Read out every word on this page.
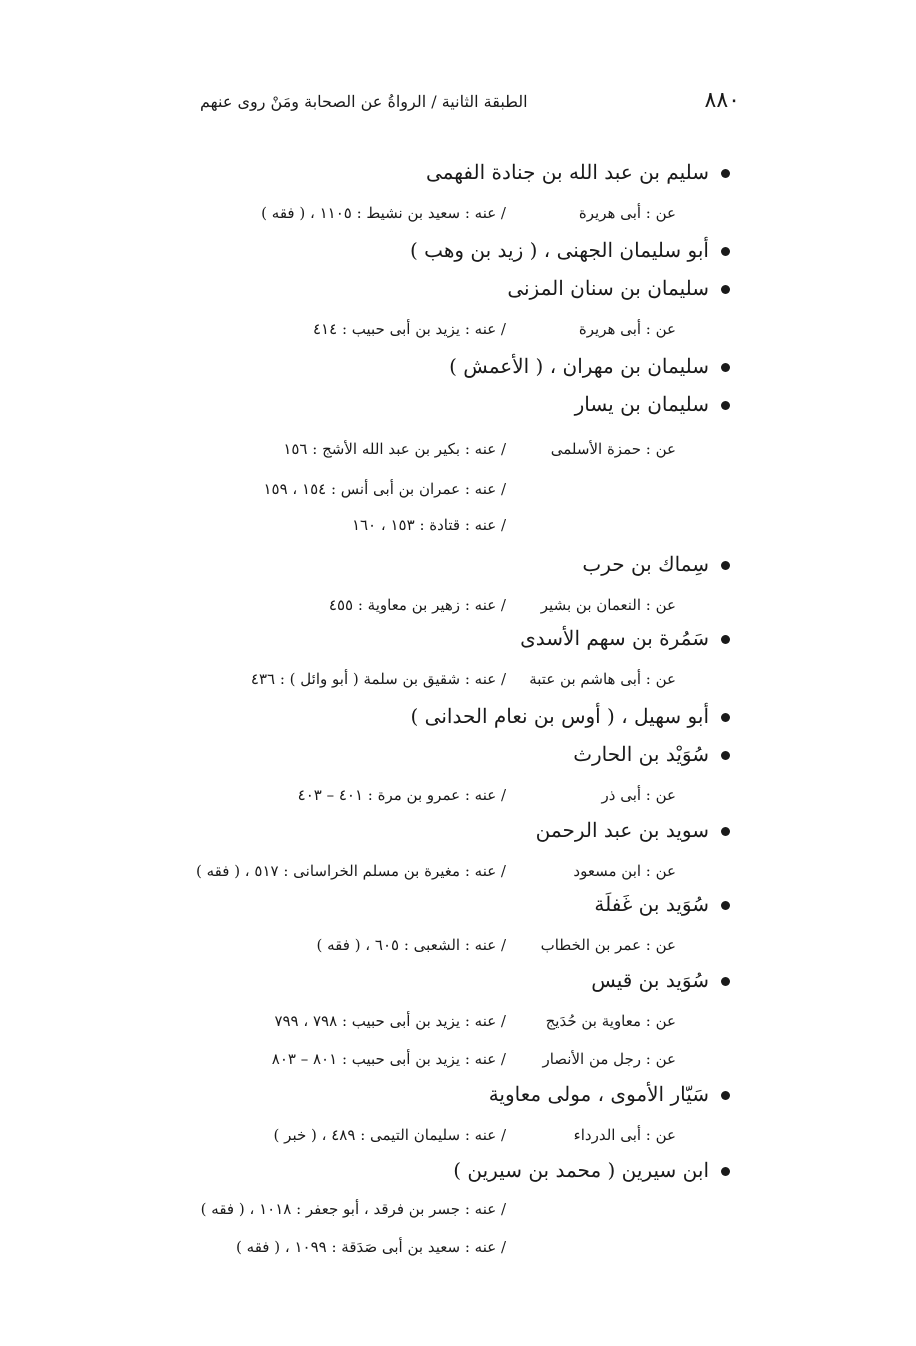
٨٨٠
الطبقة الثانية / الرواةُ عن الصحابة ومَنْ روى عنهم
سليم بن عبد الله بن جنادة الفهمى
عن : أبى هريرة
/ عنه : سعيد بن نشيط : ١١٠٥ ، ( فقه )
أبو سليمان الجهنى ، ( زيد بن وهب )
سليمان بن سنان المزنى
عن : أبى هريرة
/ عنه : يزيد بن أبى حبيب : ٤١٤
سليمان بن مهران ، ( الأعمش )
سليمان بن يسار
عن : حمزة الأسلمى
/ عنه : بكير بن عبد الله الأشج : ١٥٦
/ عنه : عمران بن أبى أنس : ١٥٤ ، ١٥٩
/ عنه : قتادة : ١٥٣ ، ١٦٠
سِماك بن حرب
عن : النعمان بن بشير
/ عنه : زهير بن معاوية : ٤٥٥
سَمُرة بن سهم الأسدى
عن : أبى هاشم بن عتبة
/ عنه : شقيق بن سلمة ( أبو وائل ) : ٤٣٦
أبو سهيل ، ( أوس بن نعام الحدانى )
سُوَيْد بن الحارث
عن : أبى ذر
/ عنه : عمرو بن مرة : ٤٠١ – ٤٠٣
سويد بن عبد الرحمن
عن : ابن مسعود
/ عنه : مغيرة بن مسلم الخراسانى : ٥١٧ ، ( فقه )
سُوَيد بن غَفلَة
عن : عمر بن الخطاب
/ عنه : الشعبى : ٦٠٥ ، ( فقه )
سُوَيد بن قيس
عن : معاوية بن حُدَيج
/ عنه : يزيد بن أبى حبيب : ٧٩٨ ، ٧٩٩
عن : رجل من الأنصار
/ عنه : يزيد بن أبى حبيب : ٨٠١ – ٨٠٣
سَيّار الأموى ، مولى معاوية
عن : أبى الدرداء
/ عنه : سليمان التيمى : ٤٨٩ ، ( خبر )
ابن سيرين ( محمد بن سيرين )
/ عنه : جسر بن فرقد ، أبو جعفر : ١٠١٨ ، ( فقه )
/ عنه : سعيد بن أبى صَدَقة : ١٠٩٩ ، ( فقه )
